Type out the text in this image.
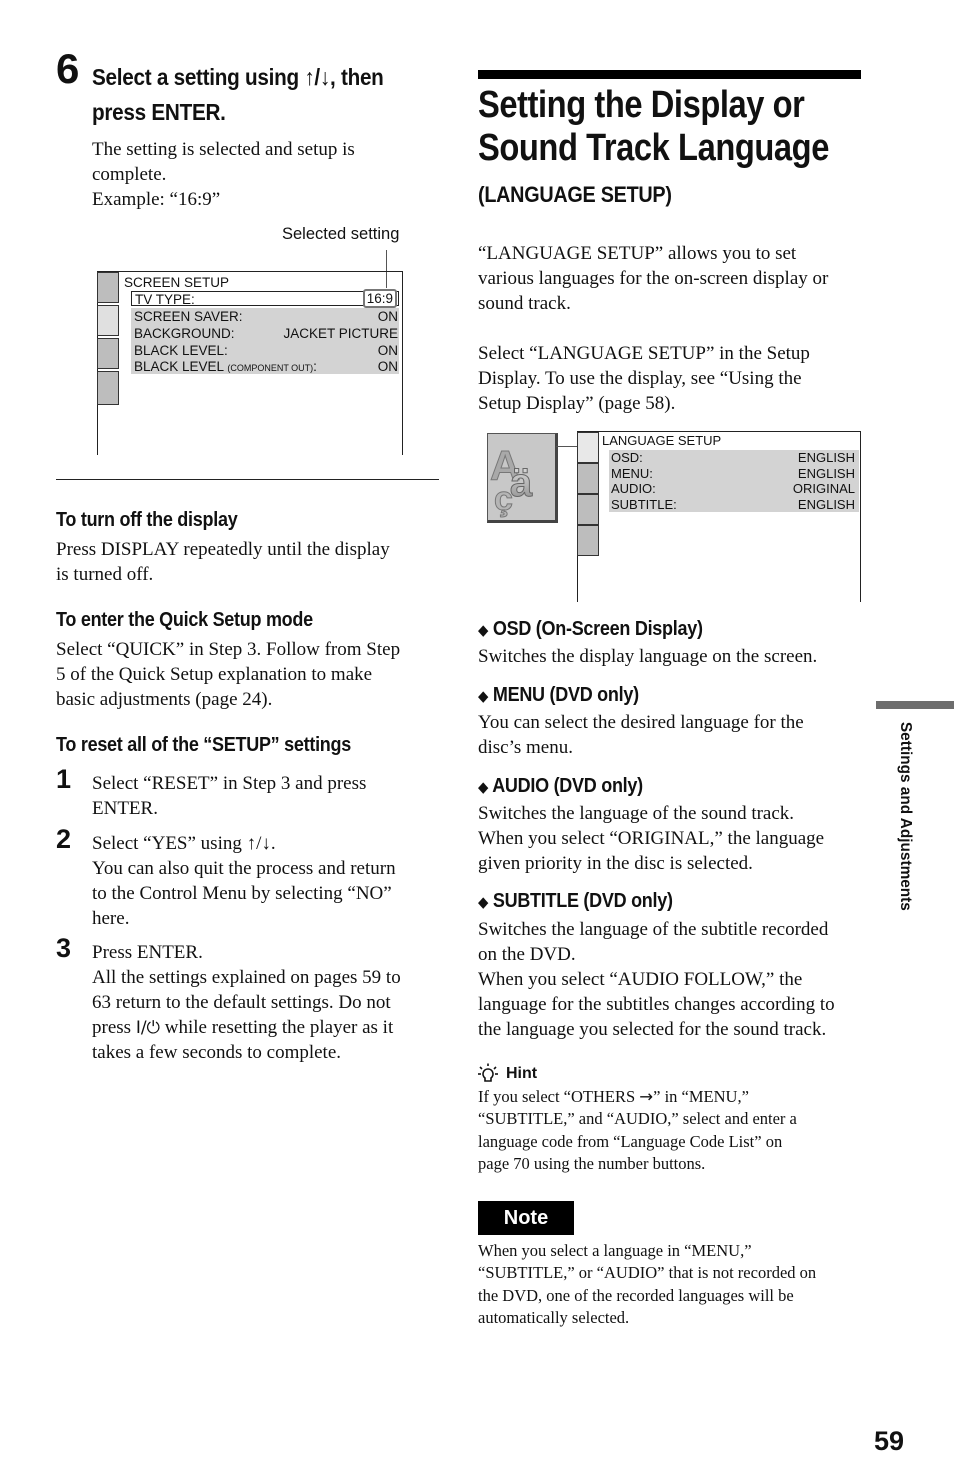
6 Select a setting using ↑/↓, then
press ENTER.
The setting is selected and setup is
complete.
Example: “16:9”
Selected setting
SCREEN SETUP
TV TYPE:	16:9
SCREEN SAVER:	ON
BACKGROUND:	JACKET PICTURE
BLACK LEVEL:	ON
BLACK LEVEL (COMPONENT OUT):	ON
To turn off the display
Press DISPLAY repeatedly until the display
is turned off.
To enter the Quick Setup mode
Select “QUICK” in Step 3. Follow from Step
5 of the Quick Setup explanation to make
basic adjustments (page 24).
To reset all of the “SETUP” settings
1 Select “RESET” in Step 3 and press
ENTER.
2 Select “YES” using ↑/↓.
You can also quit the process and return
to the Control Menu by selecting “NO”
here.
3 Press ENTER.
All the settings explained on pages 59 to
63 return to the default settings. Do not
press I/⏻ while resetting the player as it
takes a few seconds to complete.
Setting the Display or
Sound Track Language
(LANGUAGE SETUP)
“LANGUAGE SETUP” allows you to set
various languages for the on-screen display or
sound track.
Select “LANGUAGE SETUP” in the Setup
Display. To use the display, see “Using the
Setup Display” (page 58).
A
ä
ç
LANGUAGE SETUP
OSD:	ENGLISH
MENU:	ENGLISH
AUDIO:	ORIGINAL
SUBTITLE:	ENGLISH
◆ OSD (On-Screen Display)
Switches the display language on the screen.
◆ MENU (DVD only)
You can select the desired language for the
disc’s menu.
◆ AUDIO (DVD only)
Switches the language of the sound track.
When you select “ORIGINAL,” the language
given priority in the disc is selected.
◆ SUBTITLE (DVD only)
Switches the language of the subtitle recorded
on the DVD.
When you select “AUDIO FOLLOW,” the
language for the subtitles changes according to
the language you selected for the sound track.
Hint
If you select “OTHERS →” in “MENU,”
“SUBTITLE,” and “AUDIO,” select and enter a
language code from “Language Code List” on
page 70 using the number buttons.
Note
When you select a language in “MENU,”
“SUBTITLE,” or “AUDIO” that is not recorded on
the DVD, one of the recorded languages will be
automatically selected.
Settings and Adjustments
59
